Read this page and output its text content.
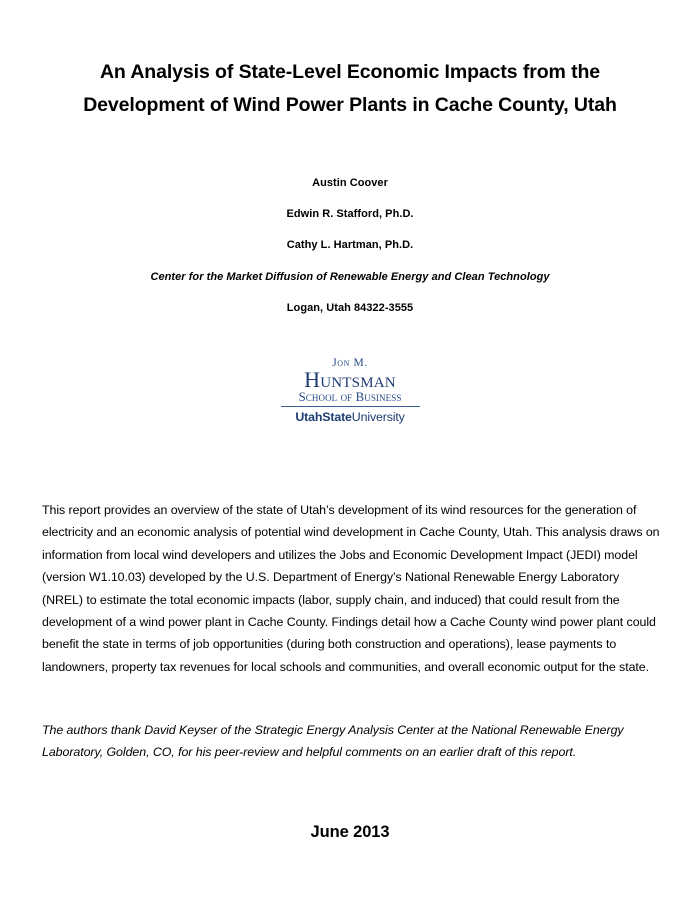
An Analysis of State-Level Economic Impacts from the
Development of Wind Power Plants in Cache County, Utah
Austin Coover
Edwin R. Stafford, Ph.D.
Cathy L. Hartman, Ph.D.
Center for the Market Diffusion of Renewable Energy and Clean Technology
Logan, Utah 84322-3555
Jon M.
Huntsman
School of Business
UtahStateUniversity
This report provides an overview of the state of Utah’s development of its wind resources for the generation of electricity and an economic analysis of potential wind development in Cache County, Utah. This analysis draws on information from local wind developers and utilizes the Jobs and Economic Development Impact (JEDI) model (version W1.10.03) developed by the U.S. Department of Energy’s National Renewable Energy Laboratory (NREL) to estimate the total economic impacts (labor, supply chain, and induced) that could result from the development of a wind power plant in Cache County. Findings detail how a Cache County wind power plant could benefit the state in terms of job opportunities (during both construction and operations), lease payments to landowners, property tax revenues for local schools and communities, and overall economic output for the state.
The authors thank David Keyser of the Strategic Energy Analysis Center at the National Renewable Energy Laboratory, Golden, CO, for his peer-review and helpful comments on an earlier draft of this report.
June 2013
